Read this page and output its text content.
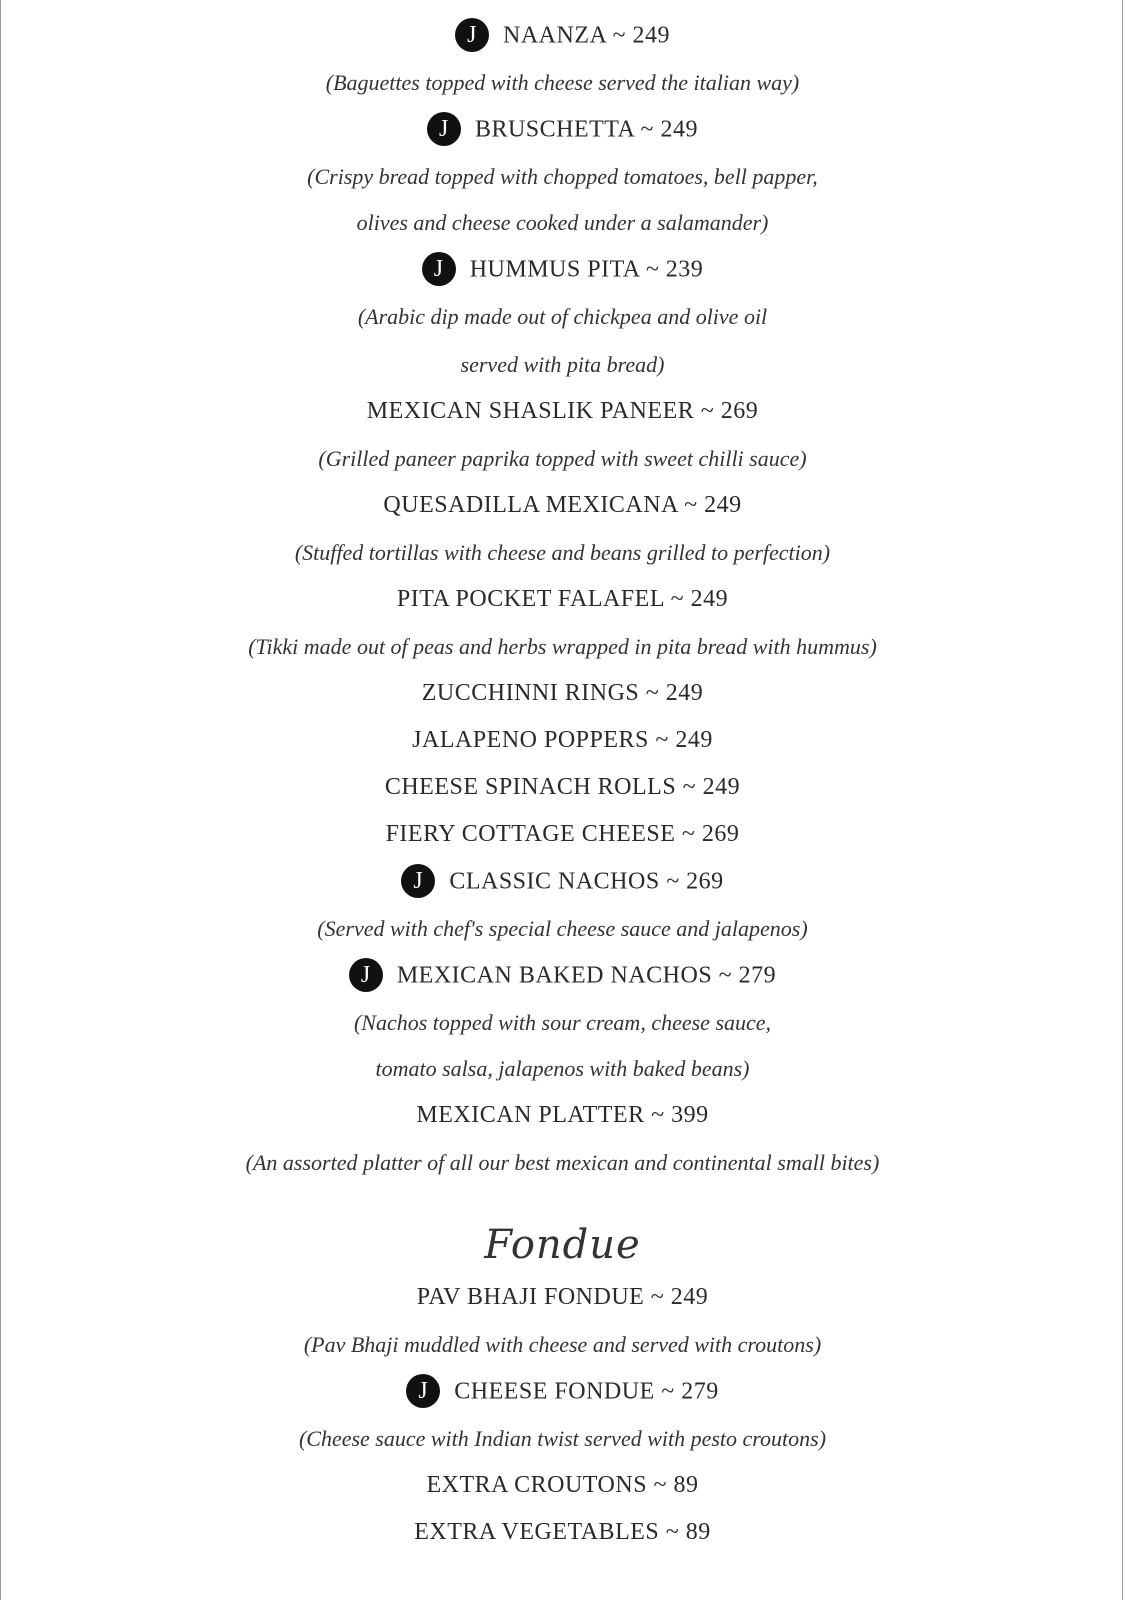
J NAANZA ~ 249
(Baguettes topped with cheese served the italian way)
J BRUSCHETTA ~ 249
(Crispy bread topped with chopped tomatoes, bell papper,
olives and cheese cooked under a salamander)
J HUMMUS PITA ~ 239
(Arabic dip made out of chickpea and olive oil
served with pita bread)
MEXICAN SHASLIK PANEER ~ 269
(Grilled paneer paprika topped with sweet chilli sauce)
QUESADILLA MEXICANA ~ 249
(Stuffed tortillas with cheese and beans grilled to perfection)
PITA POCKET FALAFEL ~ 249
(Tikki made out of peas and herbs wrapped in pita bread with hummus)
ZUCCHINNI RINGS ~ 249
JALAPENO POPPERS ~ 249
CHEESE SPINACH ROLLS ~ 249
FIERY COTTAGE CHEESE ~ 269
J CLASSIC NACHOS ~ 269
(Served with chef's special cheese sauce and jalapenos)
J MEXICAN BAKED NACHOS ~ 279
(Nachos topped with sour cream, cheese sauce,
tomato salsa, jalapenos with baked beans)
MEXICAN PLATTER ~ 399
(An assorted platter of all our best mexican and continental small bites)
Fondue
PAV BHAJI FONDUE ~ 249
(Pav Bhaji muddled with cheese and served with croutons)
J CHEESE FONDUE ~ 279
(Cheese sauce with Indian twist served with pesto croutons)
EXTRA CROUTONS ~ 89
EXTRA VEGETABLES ~ 89
